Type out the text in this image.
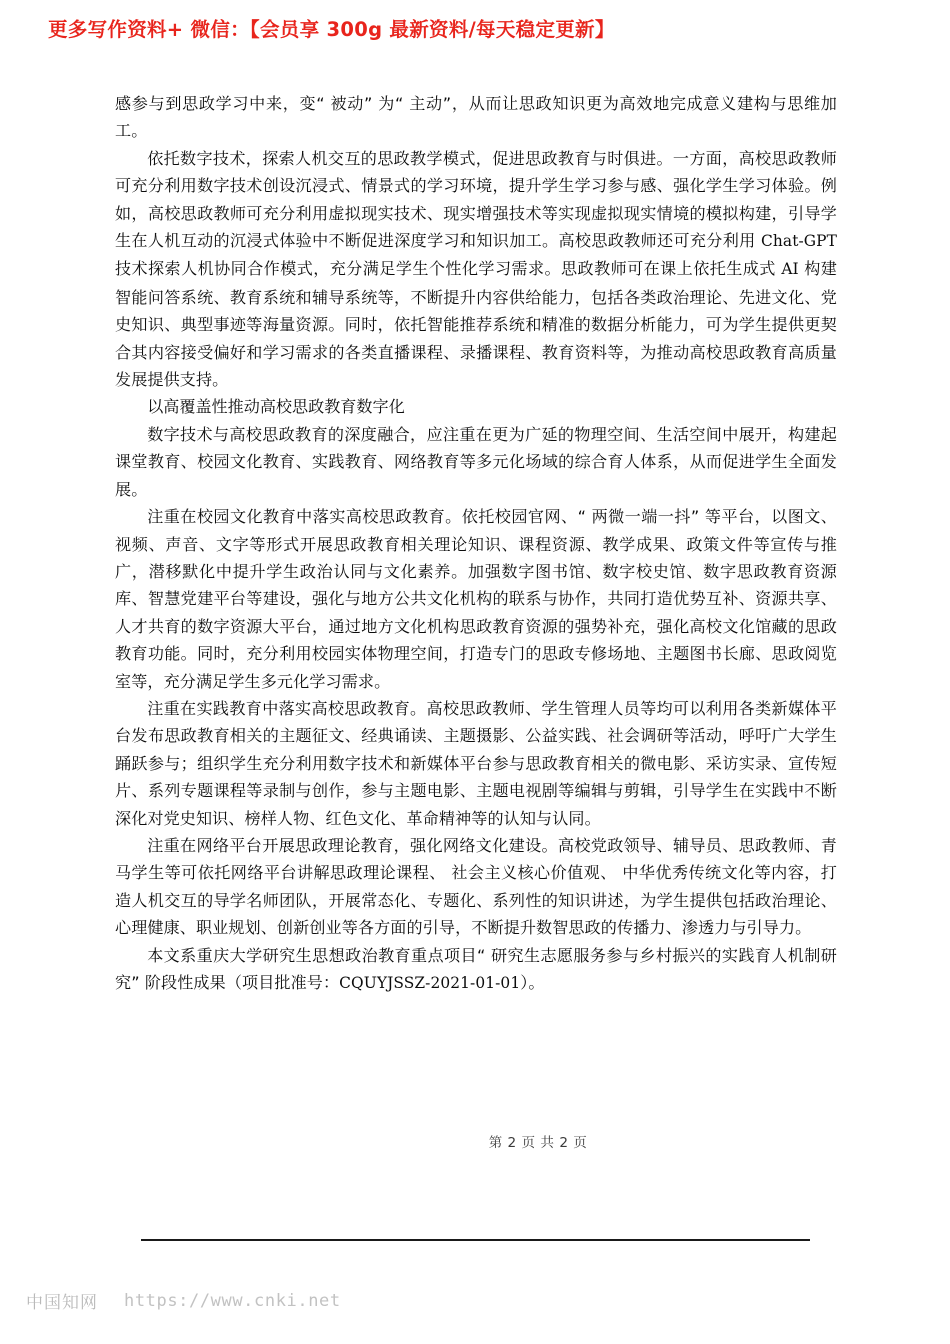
更多写作资料+ 微信：【会员享 300g 最新资料/每天稳定更新】

感参与到思政学习中来，变“ 被动” 为“ 主动”，从而让思政知识更为高效地完成意义建构与思维加工。

依托数字技术，探索人机交互的思政教学模式，促进思政教育与时俱进。一方面，高校思政教师可充分利用数字技术创设沉浸式、情景式的学习环境，提升学生学习参与感、强化学生学习体验。例如，高校思政教师可充分利用虚拟现实技术、现实增强技术等实现虚拟现实情境的模拟构建，引导学生在人机互动的沉浸式体验中不断促进深度学习和知识加工。高校思政教师还可充分利用 Chat-GPT 技术探索人机协同合作模式，充分满足学生个性化学习需求。思政教师可在课上依托生成式 AI 构建智能问答系统、教育系统和辅导系统等，不断提升内容供给能力，包括各类政治理论、先进文化、党史知识、典型事迹等海量资源。同时，依托智能推荐系统和精准的数据分析能力，可为学生提供更契合其内容接受偏好和学习需求的各类直播课程、录播课程、教育资料等，为推动高校思政教育高质量发展提供支持。

以高覆盖性推动高校思政教育数字化

数字技术与高校思政教育的深度融合，应注重在更为广延的物理空间、生活空间中展开，构建起课堂教育、校园文化教育、实践教育、网络教育等多元化场域的综合育人体系，从而促进学生全面发展。

注重在校园文化教育中落实高校思政教育。依托校园官网、“ 两微一端一抖” 等平台，以图文、视频、声音、文字等形式开展思政教育相关理论知识、课程资源、教学成果、政策文件等宣传与推广，潜移默化中提升学生政治认同与文化素养。加强数字图书馆、数字校史馆、数字思政教育资源库、智慧党建平台等建设，强化与地方公共文化机构的联系与协作，共同打造优势互补、资源共享、人才共育的数字资源大平台，通过地方文化机构思政教育资源的强势补充，强化高校文化馆藏的思政教育功能。同时，充分利用校园实体物理空间，打造专门的思政专修场地、主题图书长廊、思政阅览室等，充分满足学生多元化学习需求。

注重在实践教育中落实高校思政教育。高校思政教师、学生管理人员等均可以利用各类新媒体平台发布思政教育相关的主题征文、经典诵读、主题摄影、公益实践、社会调研等活动，呼吁广大学生踊跃参与；组织学生充分利用数字技术和新媒体平台参与思政教育相关的微电影、采访实录、宣传短片、系列专题课程等录制与创作，参与主题电影、主题电视剧等编辑与剪辑，引导学生在实践中不断深化对党史知识、榜样人物、红色文化、革命精神等的认知与认同。

注重在网络平台开展思政理论教育，强化网络文化建设。高校党政领导、辅导员、思政教师、青马学生等可依托网络平台讲解思政理论课程、 社会主义核心价值观、 中华优秀传统文化等内容，打造人机交互的导学名师团队，开展常态化、专题化、系列性的知识讲述，为学生提供包括政治理论、心理健康、职业规划、创新创业等各方面的引导，不断提升数智思政的传播力、渗透力与引导力。

本文系重庆大学研究生思想政治教育重点项目“ 研究生志愿服务参与乡村振兴的实践育人机制研究” 阶段性成果（项目批准号：CQUYJSSZ-2021-01-01）。

第 2 页 共 2 页
中国知网 https://www.cnki.net
